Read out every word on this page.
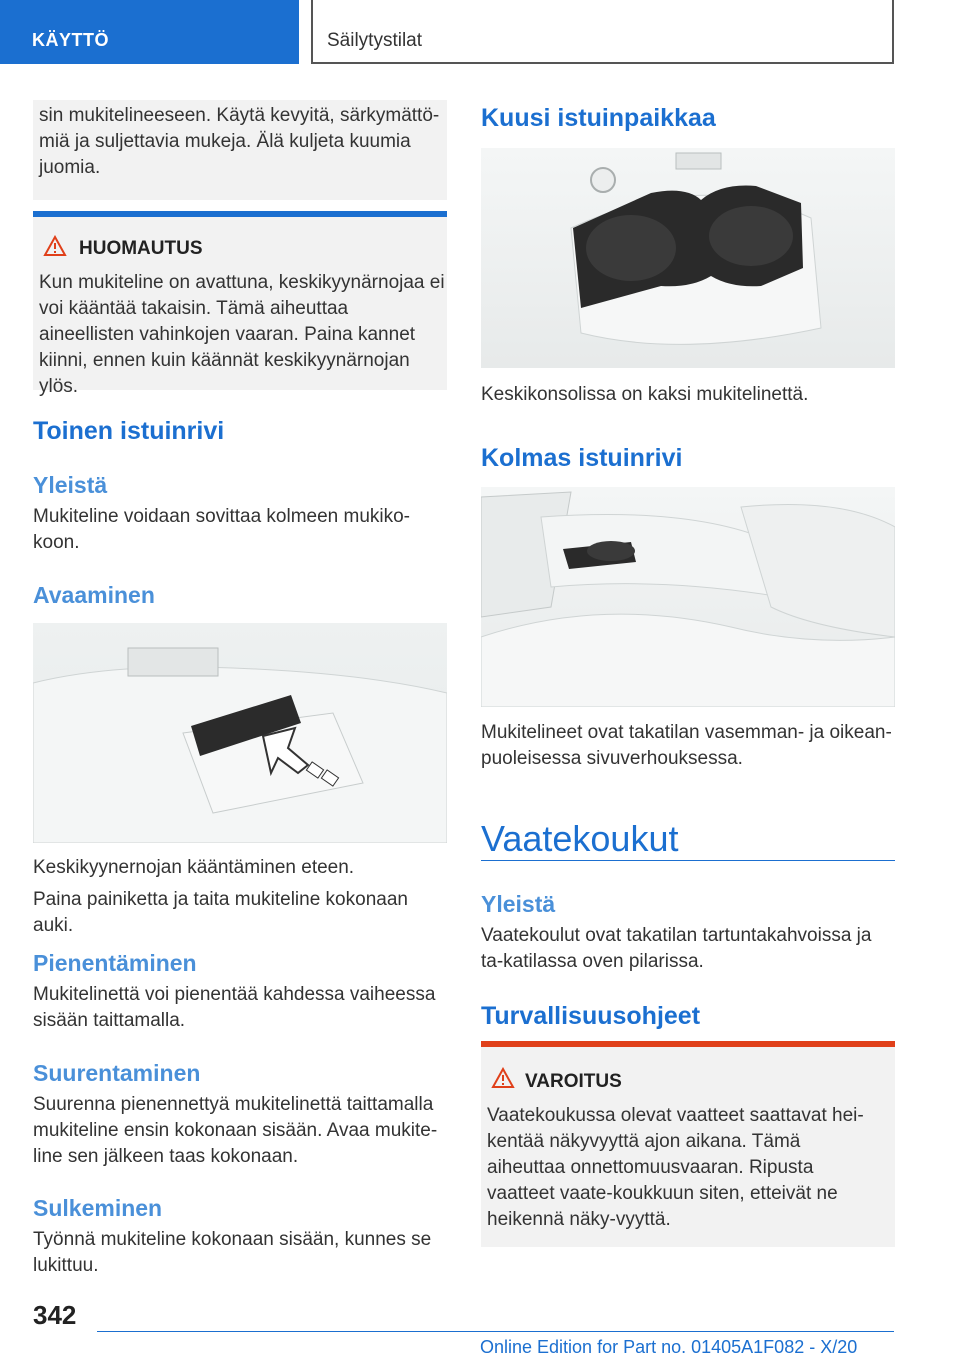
KÄYTTÖ	Säilytystilat

sin mukitelineeseen. Käytä kevyitä, särkymättö-miä ja suljettavia mukeja. Älä kuljeta kuumia juomia.

HUOMAUTUS

Kun mukiteline on avattuna, keskikyynärnojaa ei voi kääntää takaisin. Tämä aiheuttaa aineellisten vahinkojen vaaran. Paina kannet kiinni, ennen kuin käännät keskikyynärnojan ylös.

Toinen istuinrivi
Yleistä

Mukiteline voidaan sovittaa kolmeen mukiko-koon.

Avaaminen

Keskikyynernojan kääntäminen eteen.

Paina painiketta ja taita mukiteline kokonaan auki.

Pienentäminen

Mukitelinettä voi pienentää kahdessa vaiheessa sisään taittamalla.

Suurentaminen

Suurenna pienennettyä mukitelinettä taittamalla mukiteline ensin kokonaan sisään. Avaa mukite-line sen jälkeen taas kokonaan.

Sulkeminen

Työnnä mukiteline kokonaan sisään, kunnes se lukittuu.

Kuusi istuinpaikkaa

Keskikonsolissa on kaksi mukitelinettä.

Kolmas istuinrivi

Mukitelineet ovat takatilan vasemman- ja oikean-puoleisessa sivuverhouksessa.

Vaatekoukut
Yleistä

Vaatekoulut ovat takatilan tartuntakahvoissa ja ta-katilassa oven pilarissa.

Turvallisuusohjeet
VAROITUS

Vaatekoukussa olevat vaatteet saattavat hei-kentää näkyvyyttä ajon aikana. Tämä aiheuttaa onnettomuusvaaran. Ripusta vaatteet vaate-koukkuun siten, etteivät ne heikennä näky-vyyttä.

342
Online Edition for Part no. 01405A1F082 - X/20
